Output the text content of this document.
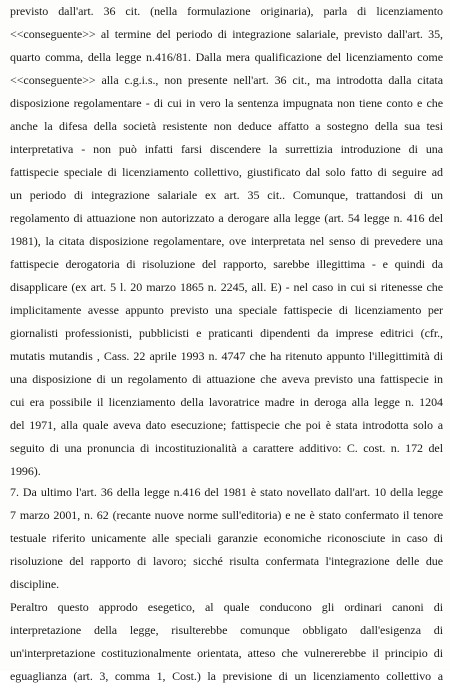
previsto dall'art. 36 cit. (nella formulazione originaria), parla di licenziamento
<<conseguente>> al termine del periodo di integrazione salariale, previsto dall'art. 35,
quarto comma, della legge n.416/81. Dalla mera qualificazione del licenziamento come
<<conseguente>> alla c.g.i.s., non presente nell'art. 36 cit., ma introdotta dalla citata
disposizione regolamentare - di cui in vero la sentenza impugnata non tiene conto e che
anche la difesa della società resistente non deduce affatto a sostegno della sua tesi
interpretativa - non può infatti farsi discendere la surrettizia introduzione di una
fattispecie speciale di licenziamento collettivo, giustificato dal solo fatto di seguire ad
un periodo di integrazione salariale ex art. 35 cit.. Comunque, trattandosi di un
regolamento di attuazione non autorizzato a derogare alla legge (art. 54 legge n. 416 del
1981), la citata disposizione regolamentare, ove interpretata nel senso di prevedere una
fattispecie derogatoria di risoluzione del rapporto, sarebbe illegittima - e quindi da
disapplicare (ex art. 5 l. 20 marzo 1865 n. 2245, all. E) - nel caso in cui si ritenesse che
implicitamente avesse appunto previsto una speciale fattispecie di licenziamento per
giornalisti professionisti, pubblicisti e praticanti dipendenti da imprese editrici (cfr.,
mutatis mutandis , Cass. 22 aprile 1993 n. 4747 che ha ritenuto appunto l'illegittimità di
una disposizione di un regolamento di attuazione che aveva previsto una fattispecie in
cui era possibile il licenziamento della lavoratrice madre in deroga alla legge n. 1204
del 1971, alla quale aveva dato esecuzione; fattispecie che poi è stata introdotta solo a
seguito di una pronuncia di incostituzionalità a carattere additivo: C. cost. n. 172 del
1996).
7. Da ultimo l'art. 36 della legge n.416 del 1981 è stato novellato dall'art. 10 della legge
7 marzo 2001, n. 62 (recante nuove norme sull'editoria) e ne è stato confermato il tenore
testuale riferito unicamente alle speciali garanzie economiche riconosciute in caso di
risoluzione del rapporto di lavoro; sicché risulta confermata l'integrazione delle due
discipline.
Peraltro questo approdo esegetico, al quale conducono gli ordinari canoni di
interpretazione della legge, risulterebbe comunque obbligato dall'esigenza di
un'interpretazione costituzionalmente orientata, atteso che vulnererebbe il principio di
eguaglianza (art. 3, comma 1, Cost.) la previsione di un licenziamento collettivo a
